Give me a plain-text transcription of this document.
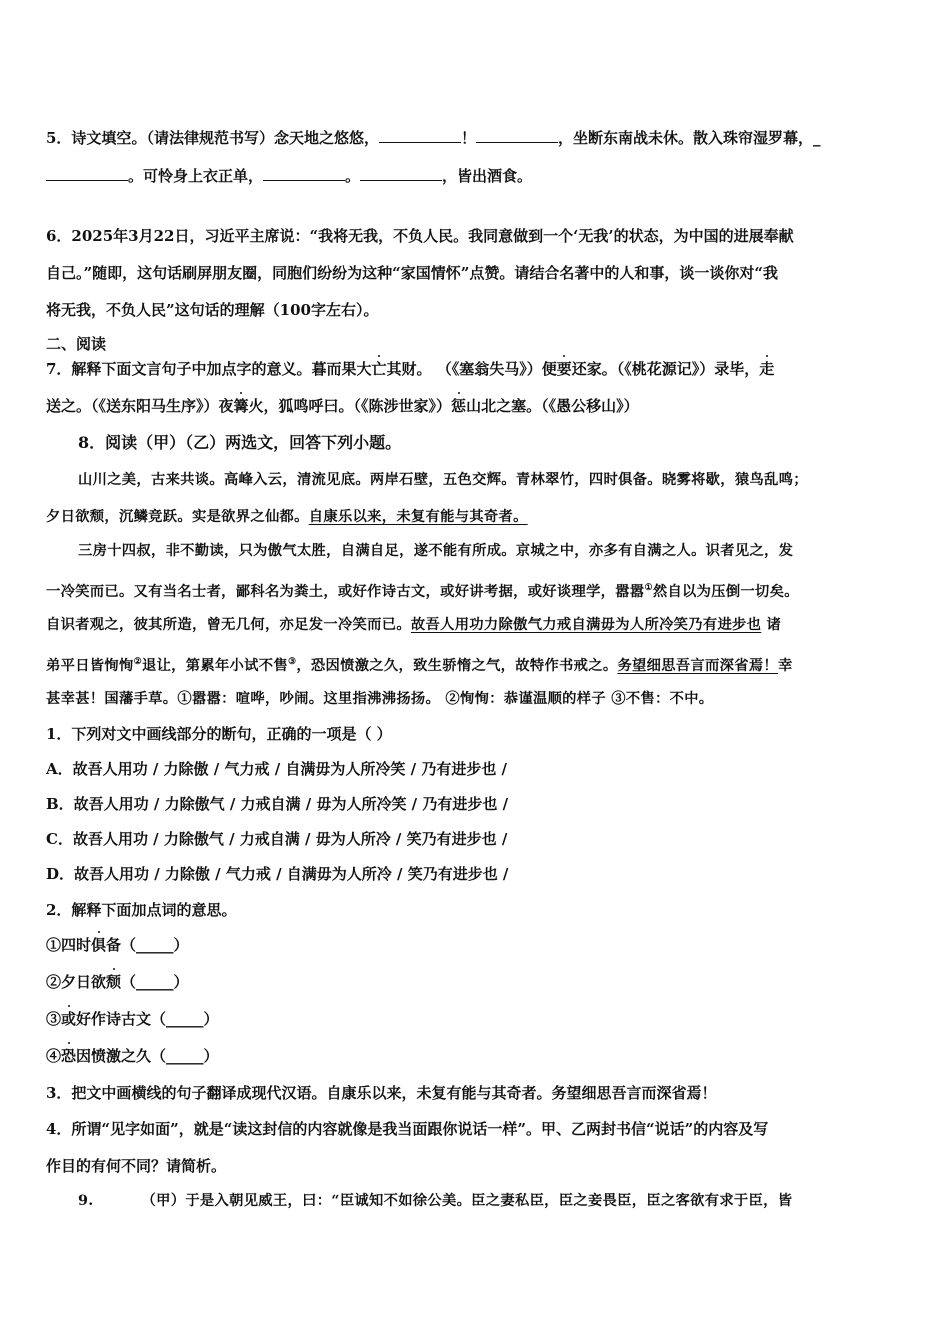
5．诗文填空。（请法律规范书写）念天地之悠悠，	！	，坐断东南战未休。散入珠帘湿罗幕，_
。可怜身上衣正单，	。	，皆出酒食。
6．2025年3月22日，习近平主席说：“我将无我，不负人民。我同意做到一个‘无我’的状态，为中国的进展奉献
自己。”随即，这句话刷屏朋友圈，同胞们纷纷为这种“家国情怀”点赞。请结合名著中的人和事，谈一谈你对“我
将无我，不负人民”这句话的理解（100字左右）。
二、阅读
7．解释下面文言句子中加点字的意义。暮而果大亡其财。 （《塞翁失马》）便要还家。（《桃花源记》）录毕，走
送之。（《送东阳马生序》）夜篝火，狐鸣呼曰。（《陈涉世家》）惩山北之塞。（《愚公移山》）
8．阅读（甲）（乙）两选文，回答下列小题。
山川之美，古来共谈。高峰入云，清流见底。两岸石壁，五色交辉。青林翠竹，四时俱备。晓雾将歇，猿鸟乱鸣；
夕日欲颓，沉鳞竞跃。实是欲界之仙都。自康乐以来，未复有能与其奇者。
三房十四叔，非不勤读，只为傲气太胜，自满自足，遂不能有所成。京城之中，亦多有自满之人。识者见之，发
一冷笑而已。又有当名士者，鄙科名为粪土，或好作诗古文，或好讲考据，或好谈理学，嚣嚣①然自以为压倒一切矣。
自识者观之，彼其所造，曾无几何，亦足发一冷笑而已。故吾人用功力除傲气力戒自满毋为人所冷笑乃有进步也 诸
弟平日皆恂恂②退让，第累年小试不售③，恐因愤激之久，致生骄惰之气，故特作书戒之。务望细思吾言而深省焉！幸
甚幸甚！国藩手草。①嚣嚣：喧哗，吵闹。这里指沸沸扬扬。 ②恂恂：恭谨温顺的样子 ③不售：不中。
1．下列对文中画线部分的断句，正确的一项是（ ）
A．故吾人用功 / 力除傲 / 气力戒 / 自满毋为人所冷笑 / 乃有进步也 /
B．故吾人用功 / 力除傲气 / 力戒自满 / 毋为人所冷笑 / 乃有进步也 /
C．故吾人用功 / 力除傲气 / 力戒自满 / 毋为人所冷 / 笑乃有进步也 /
D．故吾人用功 / 力除傲 / 气力戒 / 自满毋为人所冷 / 笑乃有进步也 /
2．解释下面加点词的意思。
①四时俱备（_____）
②夕日欲颓（_____）
③或好作诗古文（_____）
④恐因愤激之久（_____）
3．把文中画横线的句子翻译成现代汉语。自康乐以来，未复有能与其奇者。务望细思吾言而深省焉！
4．所谓“见字如面”，就是“读这封信的内容就像是我当面跟你说话一样”。甲、乙两封书信“说话”的内容及写
作目的有何不同？请简析。
9.	（甲）于是入朝见威王，曰：“臣诚知不如徐公美。臣之妻私臣，臣之妾畏臣，臣之客欲有求于臣，皆
